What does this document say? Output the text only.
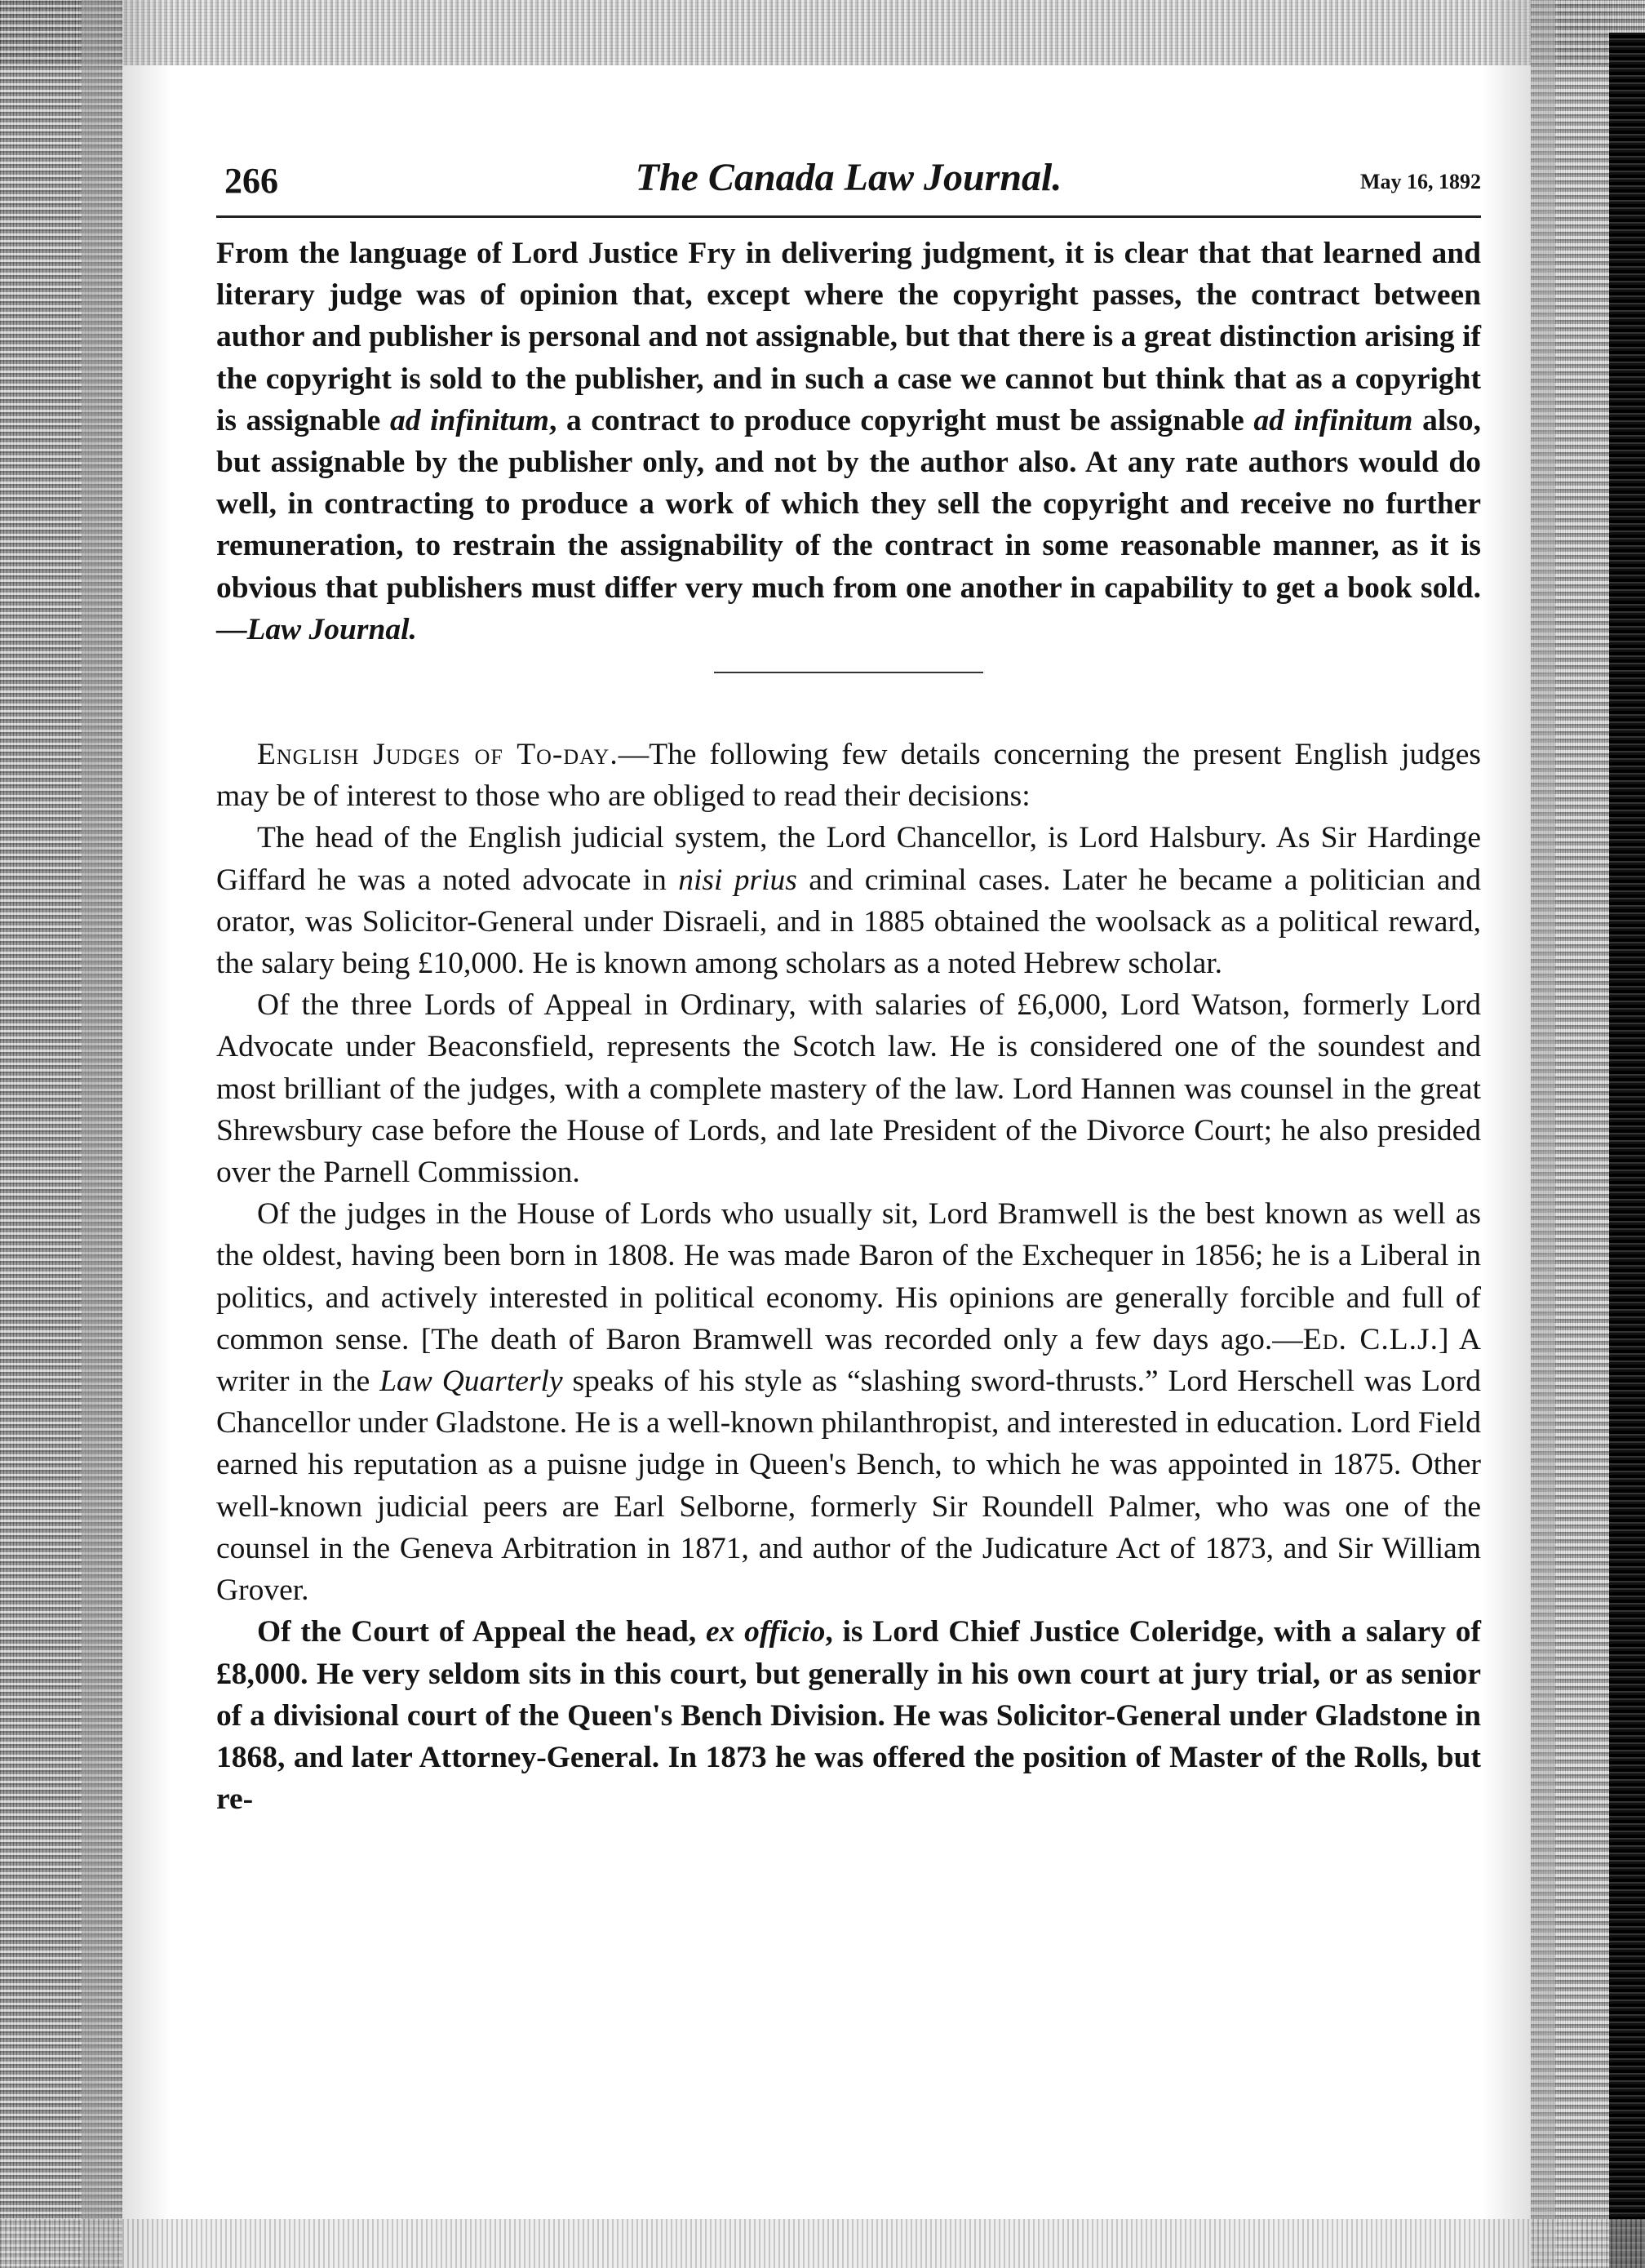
266	The Canada Law Journal.	May 16, 1892

From the language of Lord Justice Fry in delivering judgment, it is clear that that learned and literary judge was of opinion that, except where the copyright passes, the contract between author and publisher is personal and not assignable, but that there is a great distinction arising if the copyright is sold to the publisher, and in such a case we cannot but think that as a copyright is assignable ad infinitum, a contract to produce copyright must be assignable ad infinitum also, but assignable by the publisher only, and not by the author also. At any rate authors would do well, in contracting to produce a work of which they sell the copyright and receive no further remuneration, to restrain the assignability of the contract in some reasonable manner, as it is obvious that publishers must differ very much from one another in capability to get a book sold.—Law Journal.

English Judges of To-day.—The following few details concerning the present English judges may be of interest to those who are obliged to read their decisions:

The head of the English judicial system, the Lord Chancellor, is Lord Halsbury. As Sir Hardinge Giffard he was a noted advocate in nisi prius and criminal cases. Later he became a politician and orator, was Solicitor-General under Disraeli, and in 1885 obtained the woolsack as a political reward, the salary being £10,000. He is known among scholars as a noted Hebrew scholar.

Of the three Lords of Appeal in Ordinary, with salaries of £6,000, Lord Watson, formerly Lord Advocate under Beaconsfield, represents the Scotch law. He is considered one of the soundest and most brilliant of the judges, with a complete mastery of the law. Lord Hannen was counsel in the great Shrewsbury case before the House of Lords, and late President of the Divorce Court; he also presided over the Parnell Commission.

Of the judges in the House of Lords who usually sit, Lord Bramwell is the best known as well as the oldest, having been born in 1808. He was made Baron of the Exchequer in 1856; he is a Liberal in politics, and actively interested in political economy. His opinions are generally forcible and full of common sense. [The death of Baron Bramwell was recorded only a few days ago.—Ed. C.L.J.] A writer in the Law Quarterly speaks of his style as “slashing sword-thrusts.” Lord Herschell was Lord Chancellor under Gladstone. He is a well-known philanthropist, and interested in education. Lord Field earned his reputation as a puisne judge in Queen's Bench, to which he was appointed in 1875. Other well-known judicial peers are Earl Selborne, formerly Sir Roundell Palmer, who was one of the counsel in the Geneva Arbitration in 1871, and author of the Judicature Act of 1873, and Sir William Grover.

Of the Court of Appeal the head, ex officio, is Lord Chief Justice Coleridge, with a salary of £8,000. He very seldom sits in this court, but generally in his own court at jury trial, or as senior of a divisional court of the Queen's Bench Division. He was Solicitor-General under Gladstone in 1868, and later Attorney-General. In 1873 he was offered the position of Master of the Rolls, but re-
